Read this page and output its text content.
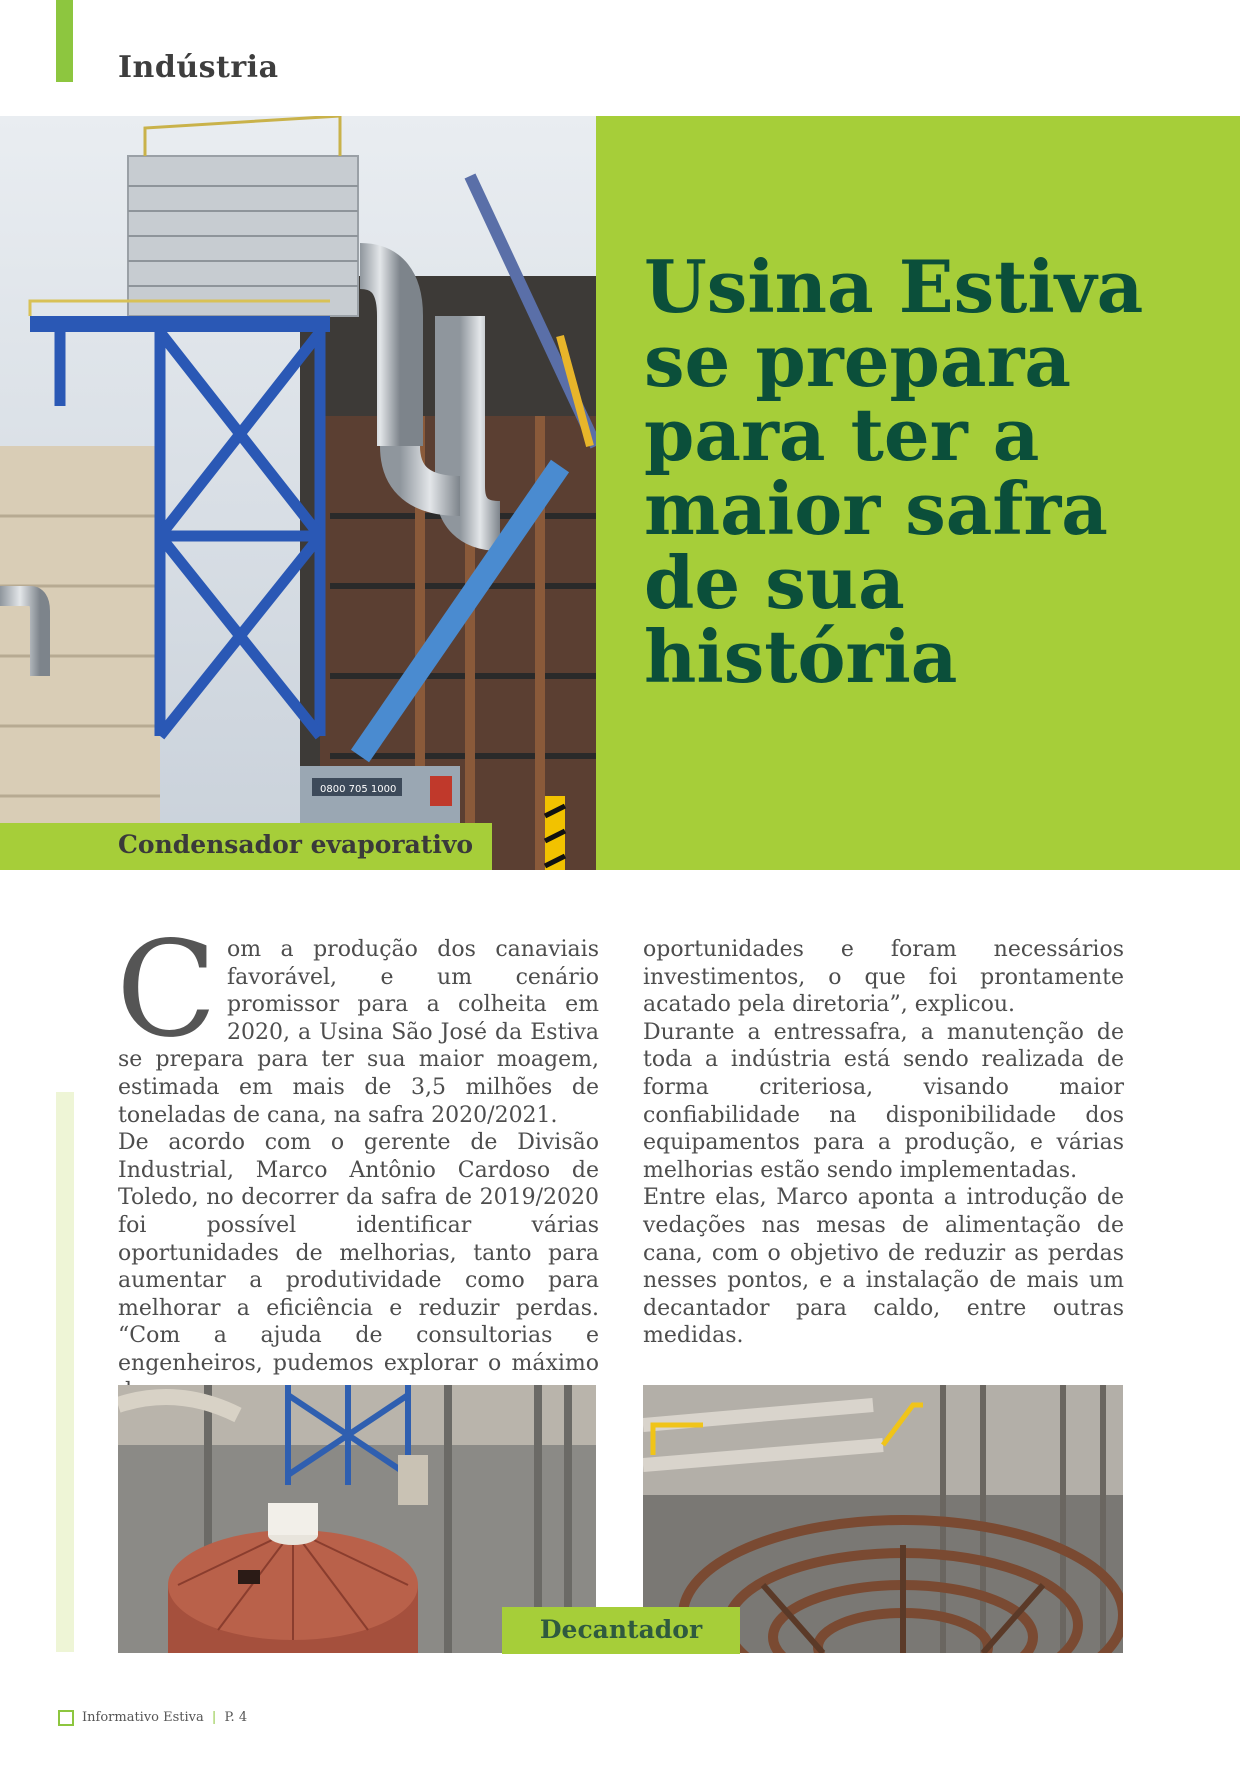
Indústria
0800 705 1000
Condensador evaporativo
Usina Estiva se prepara para ter a maior safra de sua história
C om a produção dos canaviais favorável, e um cenário promissor para a colheita em 2020, a Usina São José da Estiva se prepara para ter sua maior moagem, estimada em mais de 3,5 milhões de toneladas de cana, na safra 2020/2021.

De acordo com o gerente de Divisão Industrial, Marco Antônio Cardoso de Toledo, no decorrer da safra de 2019/2020 foi possível identificar várias oportunidades de melhorias, tanto para aumentar a produtividade como para melhorar a eficiência e reduzir perdas. “Com a ajuda de consultorias e engenheiros, pudemos explorar o máximo

oportunidades e foram necessários investimentos, o que foi prontamente acatado pela diretoria”, explicou.

Durante a entressafra, a manutenção de toda a indústria está sendo realizada de forma criteriosa, visando maior confiabilidade na disponibilidade dos equipamentos para a produção, e várias melhorias estão sendo implementadas.

Entre elas, Marco aponta a introdução de vedações nas mesas de alimentação de cana, com o objetivo de reduzir as perdas nesses pontos, e a instalação de mais um decantador para caldo, entre outras medidas.

Decantador
Informativo Estiva | P. 4
